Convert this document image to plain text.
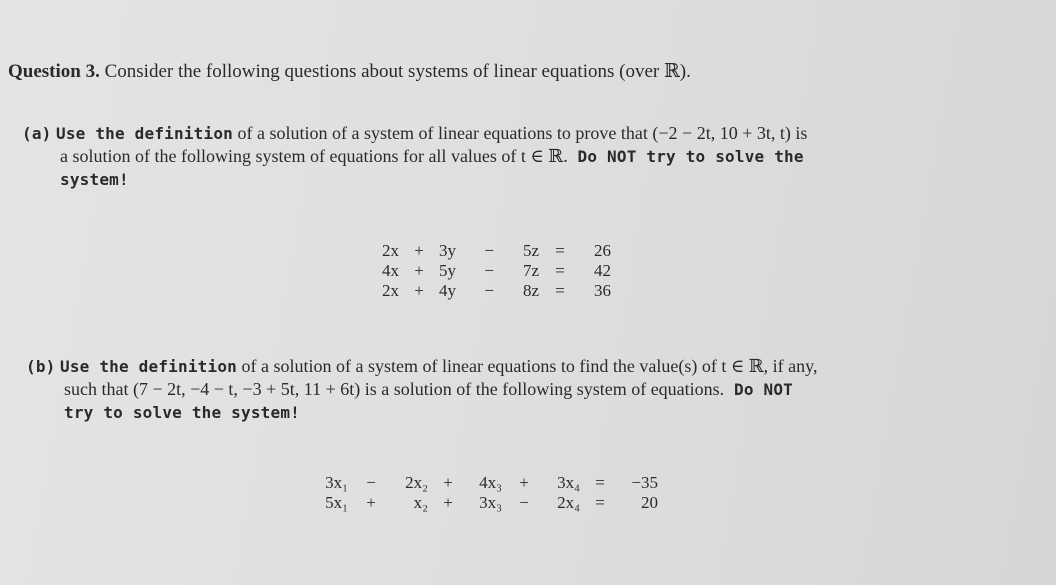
Question 3. Consider the following questions about systems of linear equations (over ℝ).
(a) Use the definition of a solution of a system of linear equations to prove that (−2 − 2t, 10 + 3t, t) is
a solution of the following system of equations for all values of t ∈ ℝ. Do NOT try to solve the
system!
2x	+	3y	−	5z	=	26
4x	+	5y	−	7z	=	42
2x	+	4y	−	8z	=	36
(b) Use the definition of a solution of a system of linear equations to find the value(s) of t ∈ ℝ, if any,
such that (7 − 2t, −4 − t, −3 + 5t, 11 + 6t) is a solution of the following system of equations. Do NOT
try to solve the system!
3x₁	−	2x₂	+	4x₃	+	3x₄	=	−35
5x₁	+	x₂	+	3x₃	−	2x₄	=	20
